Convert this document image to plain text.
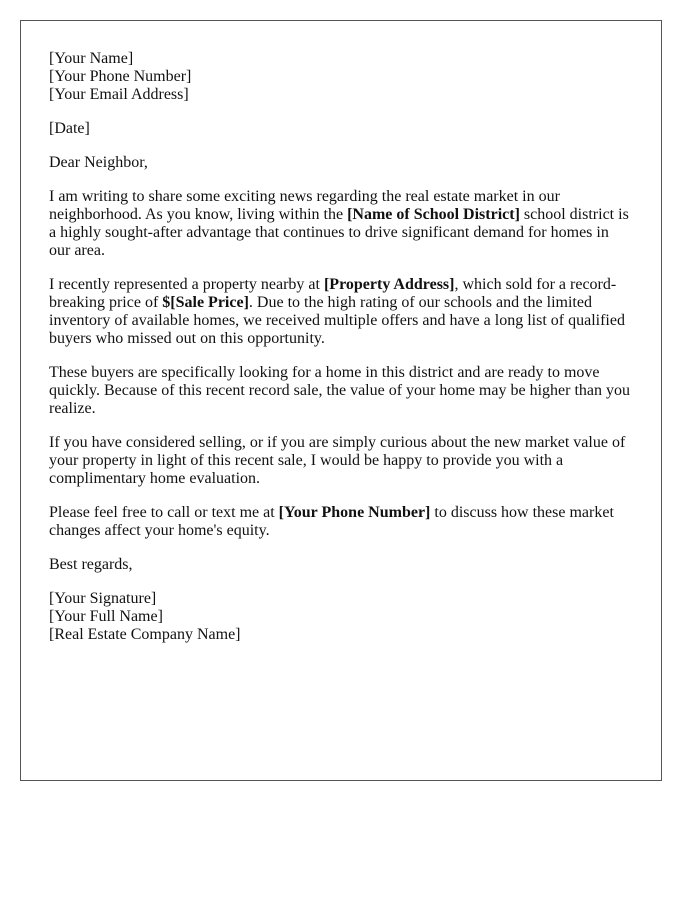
[Your Name]
[Your Phone Number]
[Your Email Address]

[Date]

Dear Neighbor,

I am writing to share some exciting news regarding the real estate market in our neighborhood. As you know, living within the [Name of School District] school district is a highly sought-after advantage that continues to drive significant demand for homes in our area.

I recently represented a property nearby at [Property Address], which sold for a record-breaking price of $[Sale Price]. Due to the high rating of our schools and the limited inventory of available homes, we received multiple offers and have a long list of qualified buyers who missed out on this opportunity.

These buyers are specifically looking for a home in this district and are ready to move quickly. Because of this recent record sale, the value of your home may be higher than you realize.

If you have considered selling, or if you are simply curious about the new market value of your property in light of this recent sale, I would be happy to provide you with a complimentary home evaluation.

Please feel free to call or text me at [Your Phone Number] to discuss how these market changes affect your home's equity.

Best regards,

[Your Signature]
[Your Full Name]
[Real Estate Company Name]
